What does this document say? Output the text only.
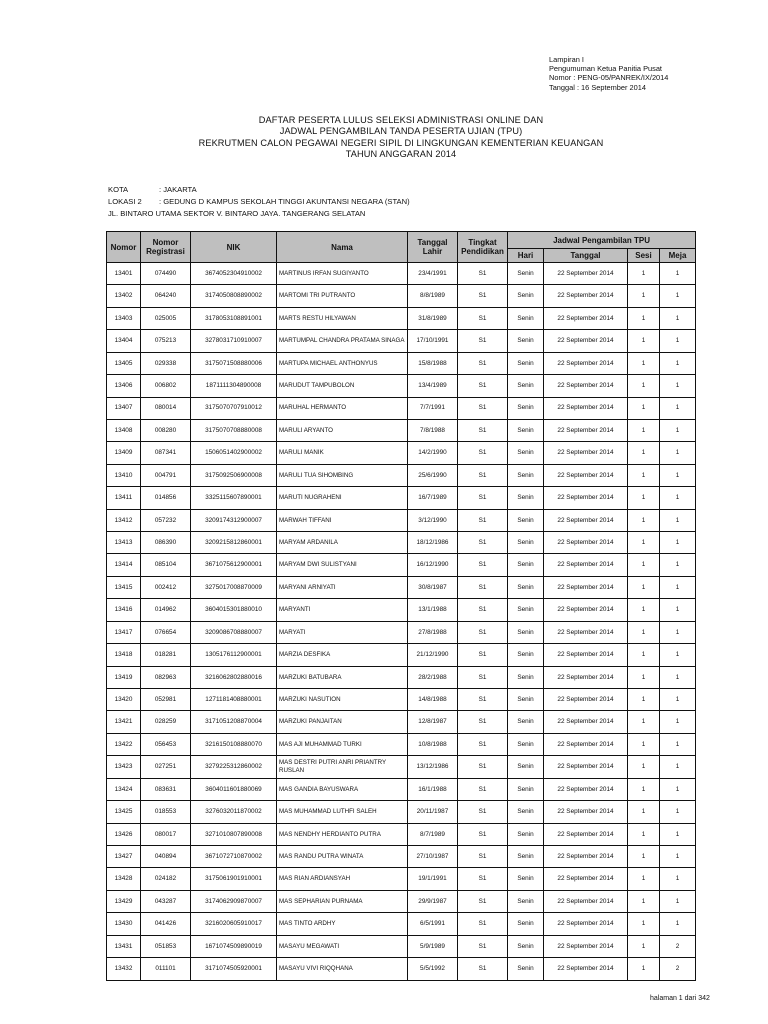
Lampiran I
Pengumuman Ketua Panitia Pusat
Nomor : PENG-05/PANREK/IX/2014
Tanggal : 16 September 2014
DAFTAR PESERTA LULUS SELEKSI ADMINISTRASI ONLINE DAN
JADWAL PENGAMBILAN TANDA PESERTA UJIAN (TPU)
REKRUTMEN CALON PEGAWAI NEGERI SIPIL DI LINGKUNGAN KEMENTERIAN KEUANGAN
TAHUN ANGGARAN 2014
KOTA	: JAKARTA
LOKASI 2 : GEDUNG D KAMPUS SEKOLAH TINGGI AKUNTANSI NEGARA (STAN)
JL. BINTARO UTAMA SEKTOR V. BINTARO JAYA. TANGERANG SELATAN
Nomor	Nomor Registrasi	NIK	Nama	Tanggal Lahir	Tingkat Pendidikan	Jadwal Pengambilan TPU			
						Hari	Tanggal	Sesi	Meja
13401	074490	3674052304910002	MARTINUS IRFAN SUGIYANTO	23/4/1991	S1	Senin	22 September 2014	1	1
13402	064240	3174050808890002	MARTOMI TRI PUTRANTO	8/8/1989	S1	Senin	22 September 2014	1	1
13403	025005	3178053108891001	MARTS RESTU HILYAWAN	31/8/1989	S1	Senin	22 September 2014	1	1
13404	075213	3278031710910007	MARTUMPAL CHANDRA PRATAMA SINAGA	17/10/1991	S1	Senin	22 September 2014	1	1
13405	029338	3175071508880006	MARTUPA MICHAEL ANTHONYUS	15/8/1988	S1	Senin	22 September 2014	1	1
13406	006802	1871111304890008	MARUDUT TAMPUBOLON	13/4/1989	S1	Senin	22 September 2014	1	1
13407	080014	3175070707910012	MARUHAL HERMANTO	7/7/1991	S1	Senin	22 September 2014	1	1
13408	008280	3175070708880008	MARULI ARYANTO	7/8/1988	S1	Senin	22 September 2014	1	1
13409	087341	1506051402900002	MARULI MANIK	14/2/1990	S1	Senin	22 September 2014	1	1
13410	004791	3175092506900008	MARULI TUA SIHOMBING	25/6/1990	S1	Senin	22 September 2014	1	1
13411	014856	3325115607890001	MARUTI NUGRAHENI	16/7/1989	S1	Senin	22 September 2014	1	1
13412	057232	3209174312900007	MARWAH TIFFANI	3/12/1990	S1	Senin	22 September 2014	1	1
13413	086390	3209215812860001	MARYAM ARDANILA	18/12/1986	S1	Senin	22 September 2014	1	1
13414	085104	3671075612900001	MARYAM DWI SULISTYANI	16/12/1990	S1	Senin	22 September 2014	1	1
13415	002412	3275017008870009	MARYANI ARNIYATI	30/8/1987	S1	Senin	22 September 2014	1	1
13416	014962	3604015301880010	MARYANTI	13/1/1988	S1	Senin	22 September 2014	1	1
13417	076654	3209086708880007	MARYATI	27/8/1988	S1	Senin	22 September 2014	1	1
13418	018281	1305176112900001	MARZIA DESFIKA	21/12/1990	S1	Senin	22 September 2014	1	1
13419	082963	3216062802880016	MARZUKI BATUBARA	28/2/1988	S1	Senin	22 September 2014	1	1
13420	052981	1271181408880001	MARZUKI NASUTION	14/8/1988	S1	Senin	22 September 2014	1	1
13421	028259	3171051208870004	MARZUKI PANJAITAN	12/8/1987	S1	Senin	22 September 2014	1	1
13422	056453	3216150108880070	MAS AJI MUHAMMAD TURKI	10/8/1988	S1	Senin	22 September 2014	1	1
13423	027251	3279225312860002	MAS DESTRI PUTRI ANRI PRIANTRY RUSLAN	13/12/1986	S1	Senin	22 September 2014	1	1
13424	083631	3604011601880069	MAS GANDIA BAYUSWARA	16/1/1988	S1	Senin	22 September 2014	1	1
13425	018553	3276032011870002	MAS MUHAMMAD LUTHFI SALEH	20/11/1987	S1	Senin	22 September 2014	1	1
13426	080017	3271010807890008	MAS NENDHY HERDIANTO PUTRA	8/7/1989	S1	Senin	22 September 2014	1	1
13427	040894	3671072710870002	MAS RANDU PUTRA WINATA	27/10/1987	S1	Senin	22 September 2014	1	1
13428	024182	3175061901910001	MAS RIAN ARDIANSYAH	19/1/1991	S1	Senin	22 September 2014	1	1
13429	043287	3174062909870007	MAS SEPHARIAN PURNAMA	29/9/1987	S1	Senin	22 September 2014	1	1
13430	041426	3216020605910017	MAS TINTO ARDHY	6/5/1991	S1	Senin	22 September 2014	1	1
13431	051853	1671074509890019	MASAYU MEGAWATI	5/9/1989	S1	Senin	22 September 2014	1	2
13432	011101	3171074505920001	MASAYU VIVI RIQQHANA	5/5/1992	S1	Senin	22 September 2014	1	2
halaman 1 dari 342
